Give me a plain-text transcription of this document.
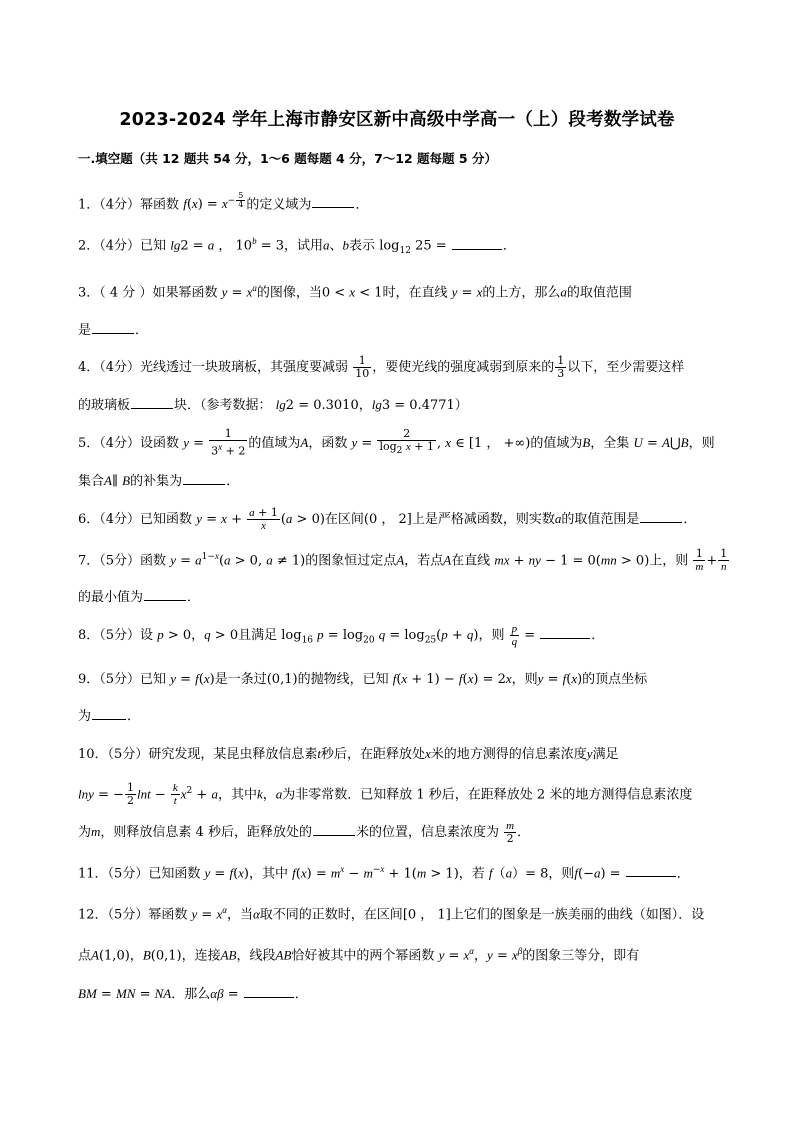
2023-2024 学年上海市静安区新中高级中学高一（上）段考数学试卷

一.填空题（共 12 题共 54 分，1～6 题每题 4 分，7～12 题每题 5 分）

1．（4分）幂函数 $f(x) = x^{- \frac{5}{4}}$ 的定义域为	．

2．（4分）已知 lg2 = a ， $10^b = 3$，试用a、b表示 $\log_{12} 25$ =	．

3．（ 4 分 ）如果幂函数 $y = x^a$的图像，当0 < x < 1时，在直线 y = x的上方，那么a的取值范围

是	．

4．（4分）光线透过一块玻璃板，其强度要减弱 $\frac{1}{10}$ ，要使光线的强度减弱到原来的 $\frac{1}{3}$ 以下，至少需要这样

的玻璃板	块．（参考数据： lg2 = 0.3010，lg3 = 0.4771）

5．（4分）设函数 $y = \frac{1}{3^x + 2}$ 的值域为A，函数 $y = \frac{2}{\log_2 x + 1}$ , x ∈ [1 ， +∞)的值域为B，全集 U = A⋃B，则

集合A∥ B的补集为	．

6．（4分）已知函数 $y = x + \frac{a + 1}{x} (a > 0)$在区间(0 ， 2]上是严格减函数，则实数a的取值范围是	．

7．（5分）函数 $y = a^{1-x}(a > 0$, a ≠ 1)的图象恒过定点A，若点A在直线 mx + ny − 1 = 0(mn > 0)上，则 $\frac{1}{m} + \frac{1}{n}$

的最小值为	．

8．（5分）设 p > 0，q > 0且满足 $\log_{16} p = \log_{20} q = \log_{25}(p + q)$，则 $\frac{p}{q}$ =	．

9．（5分）已知 y = f(x)是一条过(0,1)的抛物线，已知 f(x + 1) − f(x) = 2x，则y = f(x)的顶点坐标

为	．

10．（5分）研究发现，某昆虫释放信息素t秒后，在距释放处x米的地方测得的信息素浓度y满足

lny = − $\frac{1}{2}$ $\ln t - \frac{k}{t} x^2 + a$，其中k，a为非零常数．已知释放 1 秒后，在距释放处 2 米的地方测得信息素浓度

为m，则释放信息素 4 秒后，距释放处的	米的位置，信息素浓度为 $\frac{m}{2}$ ．

11．（5分）已知函数 y = f(x)，其中 $f(x) = m^x - m^{-x} + 1(m > 1)$，若 f（a）= 8，则f(−a) =	．

12．（5分）幂函数 $y = x^\alpha$，当α取不同的正数时，在区间[0 ， 1]上它们的图象是一族美丽的曲线（如图）．设

点A(1,0)，B(0,1)，连接AB，线段AB恰好被其中的两个幂函数 $y = x^\alpha$，$y = x^\beta$的图象三等分，即有

BM = MN = NA．那么αβ =	．
